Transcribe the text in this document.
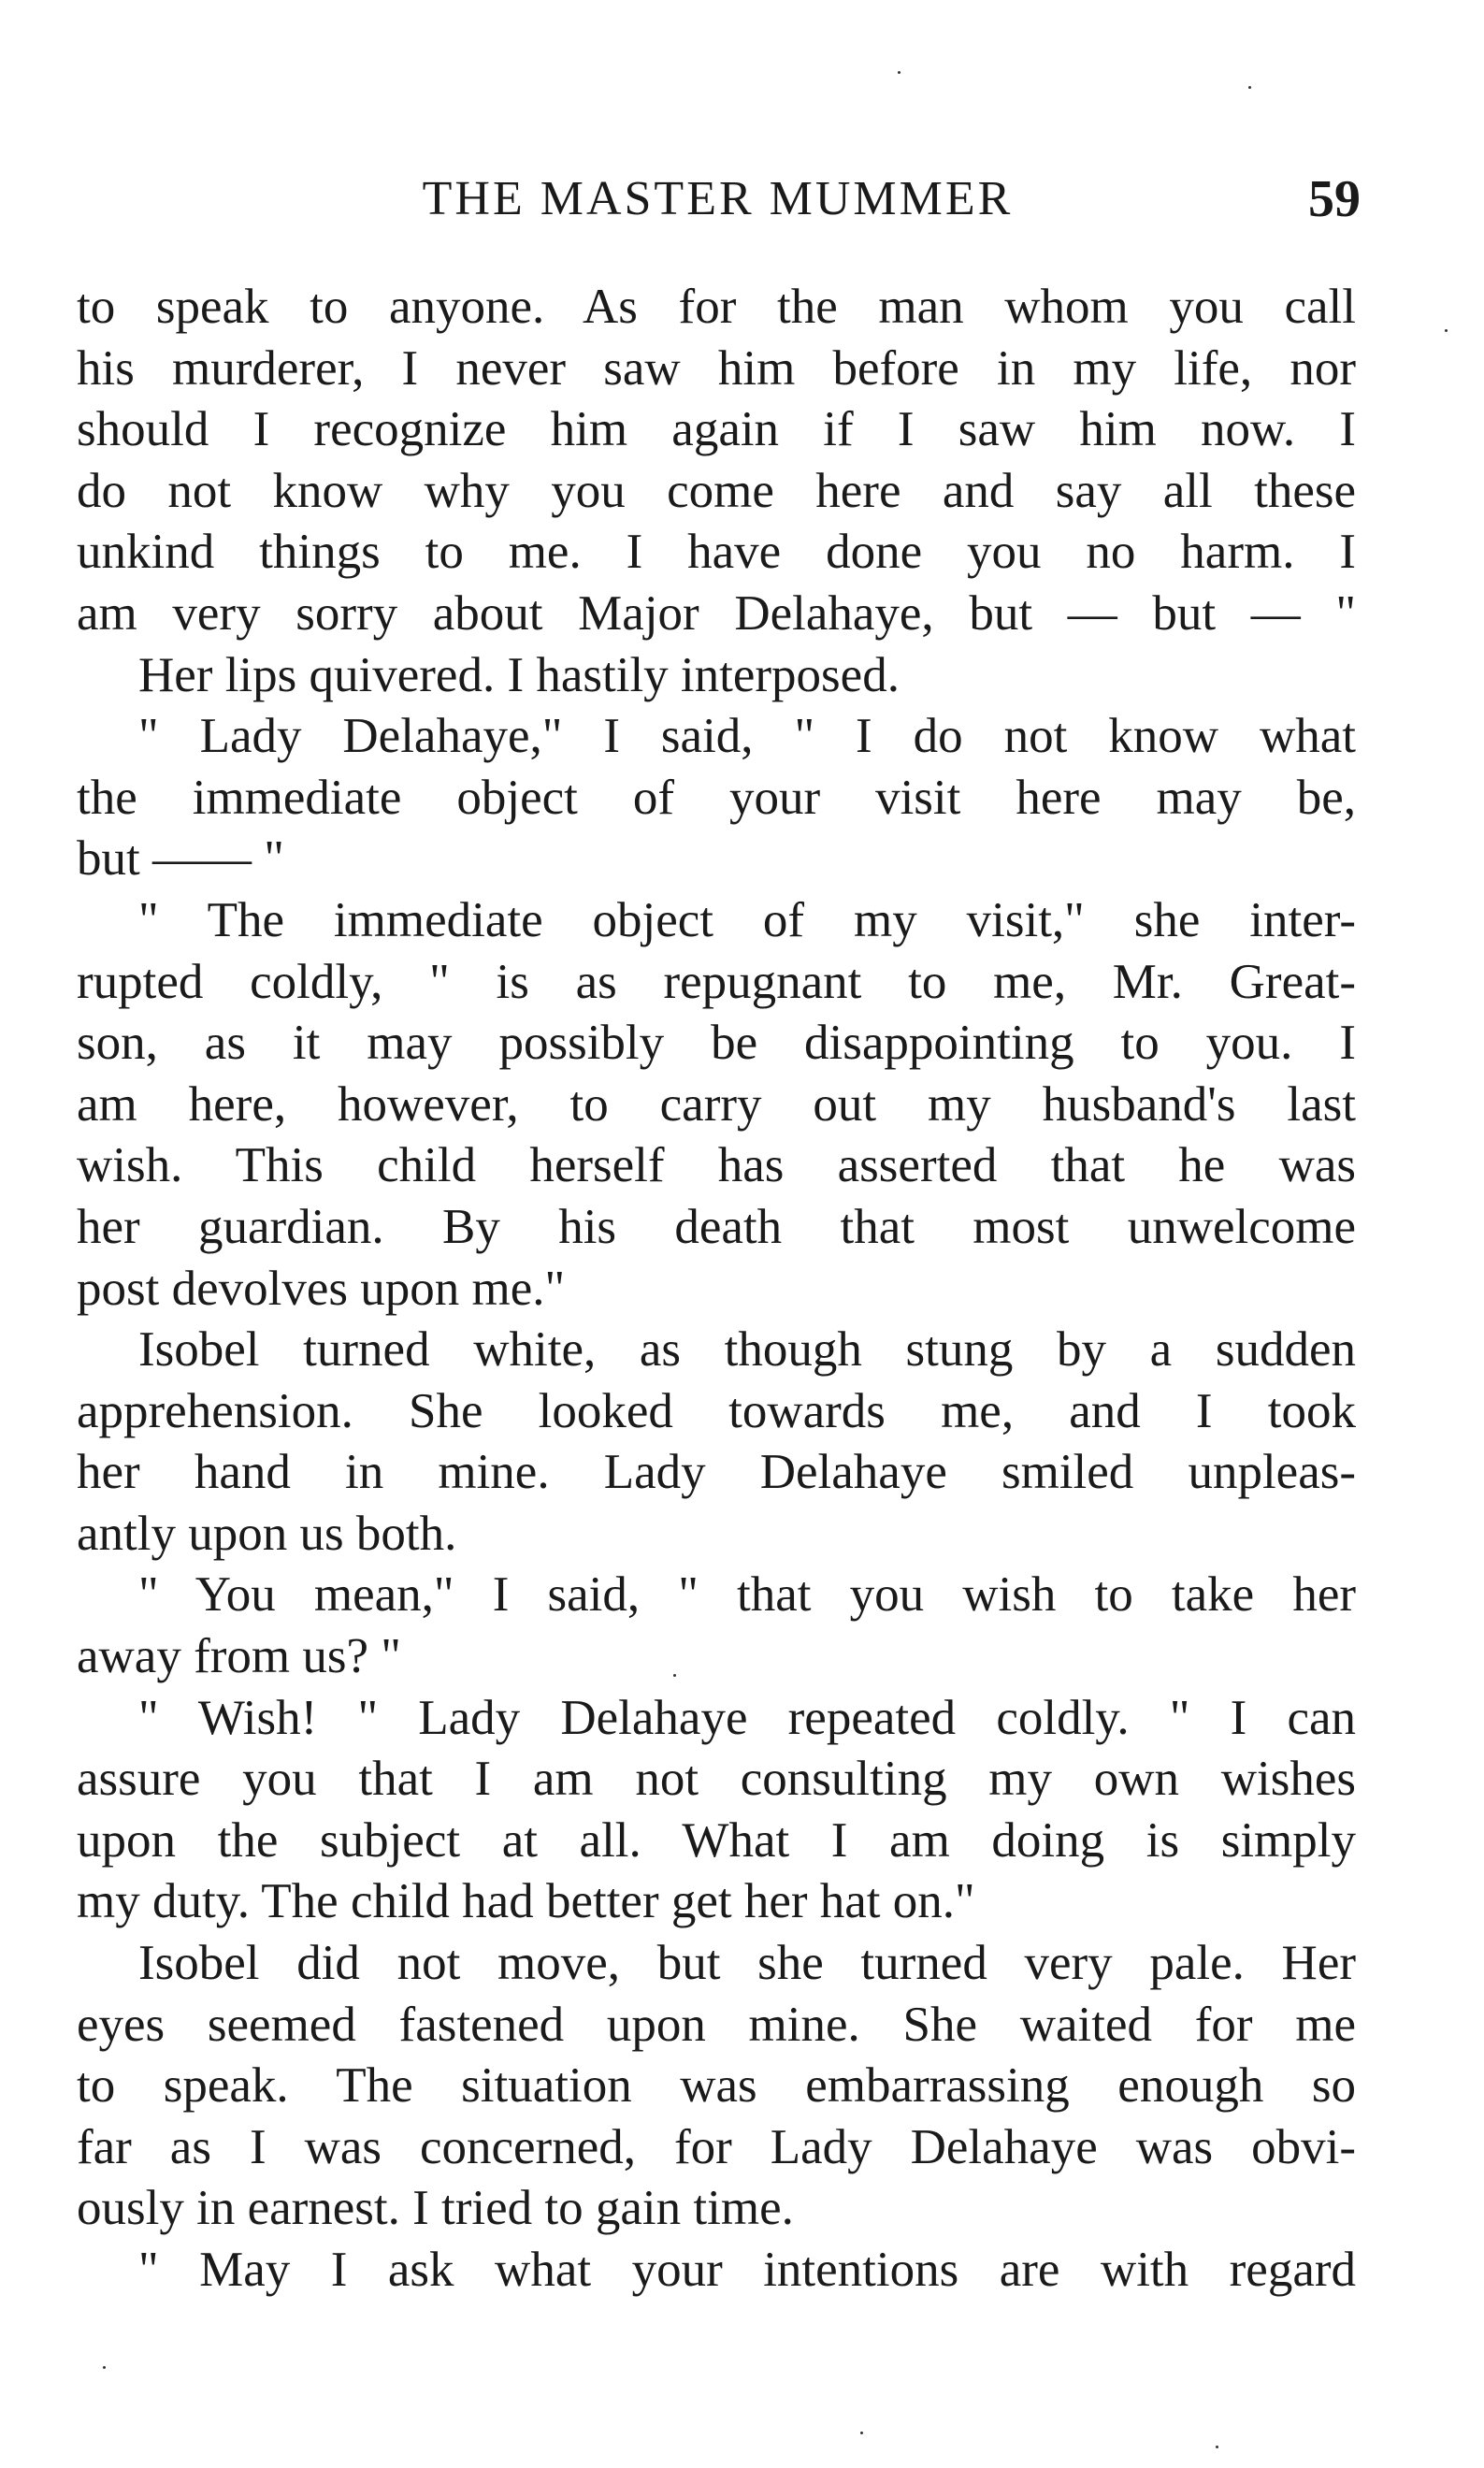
THE MASTER MUMMER	59
to speak to anyone. As for the man whom you call
his murderer, I never saw him before in my life, nor
should I recognize him again if I saw him now. I
do not know why you come here and say all these
unkind things to me. I have done you no harm. I
am very sorry about Major Delahaye, but — but — "
Her lips quivered. I hastily interposed.
" Lady Delahaye," I said, " I do not know what
the immediate object of your visit here may be,
but —— "
" The immediate object of my visit," she inter-
rupted coldly, " is as repugnant to me, Mr. Great-
son, as it may possibly be disappointing to you. I
am here, however, to carry out my husband's last
wish. This child herself has asserted that he was
her guardian. By his death that most unwelcome
post devolves upon me."
Isobel turned white, as though stung by a sudden
apprehension. She looked towards me, and I took
her hand in mine. Lady Delahaye smiled unpleas-
antly upon us both.
" You mean," I said, " that you wish to take her
away from us? "
" Wish! " Lady Delahaye repeated coldly. " I can
assure you that I am not consulting my own wishes
upon the subject at all. What I am doing is simply
my duty. The child had better get her hat on."
Isobel did not move, but she turned very pale. Her
eyes seemed fastened upon mine. She waited for me
to speak. The situation was embarrassing enough so
far as I was concerned, for Lady Delahaye was obvi-
ously in earnest. I tried to gain time.
" May I ask what your intentions are with regard
